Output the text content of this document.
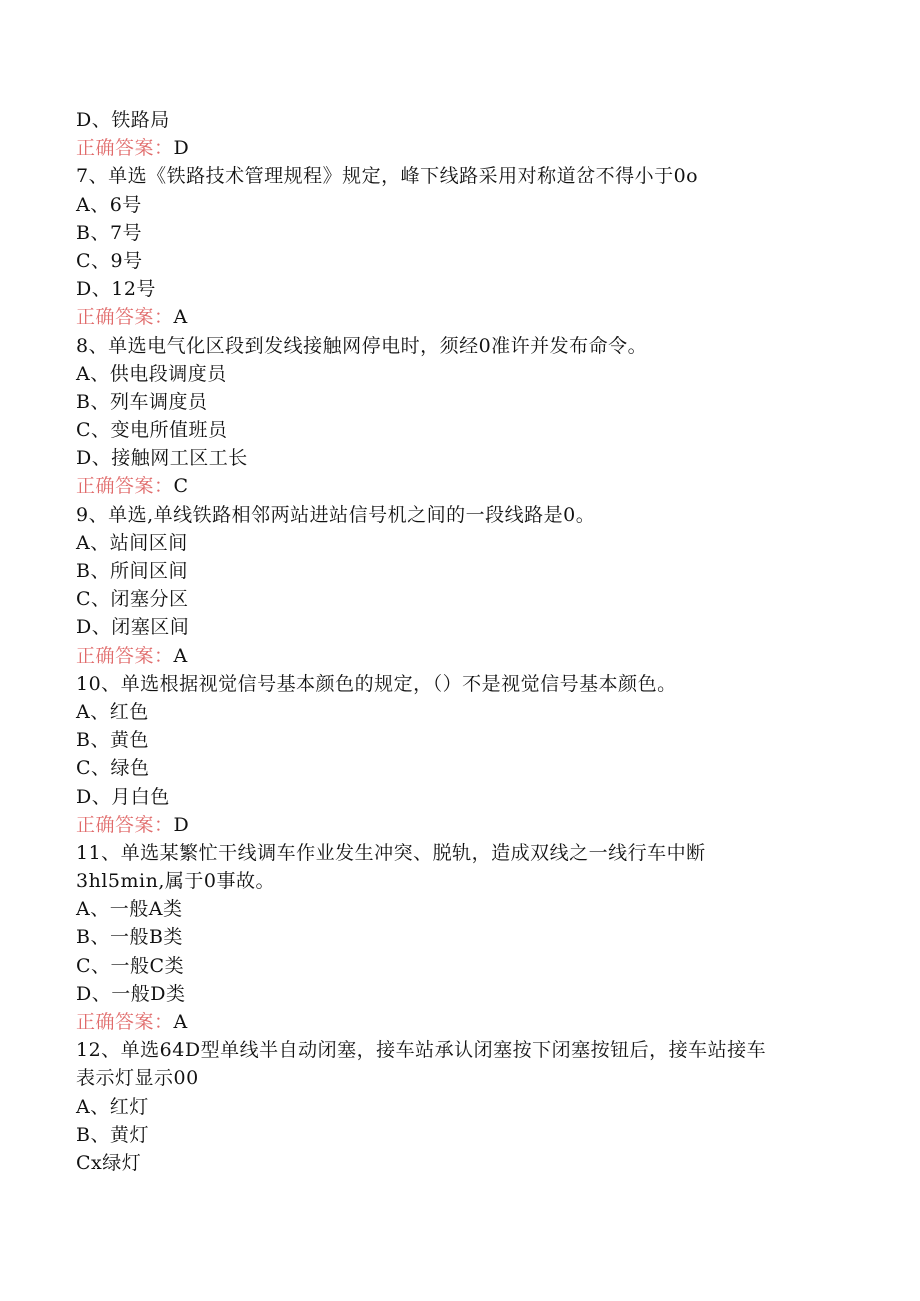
D、铁路局
正确答案：D
7、单选《铁路技术管理规程》规定，峰下线路采用对称道岔不得小于0o
A、6号
B、7号
C、9号
D、12号
正确答案：A
8、单选电气化区段到发线接触网停电时，须经0准许并发布命令。
A、供电段调度员
B、列车调度员
C、变电所值班员
D、接触网工区工长
正确答案：C
9、单选,单线铁路相邻两站进站信号机之间的一段线路是0。
A、站间区间
B、所间区间
C、闭塞分区
D、闭塞区间
正确答案：A
10、单选根据视觉信号基本颜色的规定，（）不是视觉信号基本颜色。
A、红色
B、黄色
C、绿色
D、月白色
正确答案：D
11、单选某繁忙干线调车作业发生冲突、脱轨，造成双线之一线行车中断
3hl5min,属于0事故。
A、一般A类
B、一般B类
C、一般C类
D、一般D类
正确答案：A
12、单选64D型单线半自动闭塞，接车站承认闭塞按下闭塞按钮后，接车站接车
表示灯显示00
A、红灯
B、黄灯
Cx绿灯
